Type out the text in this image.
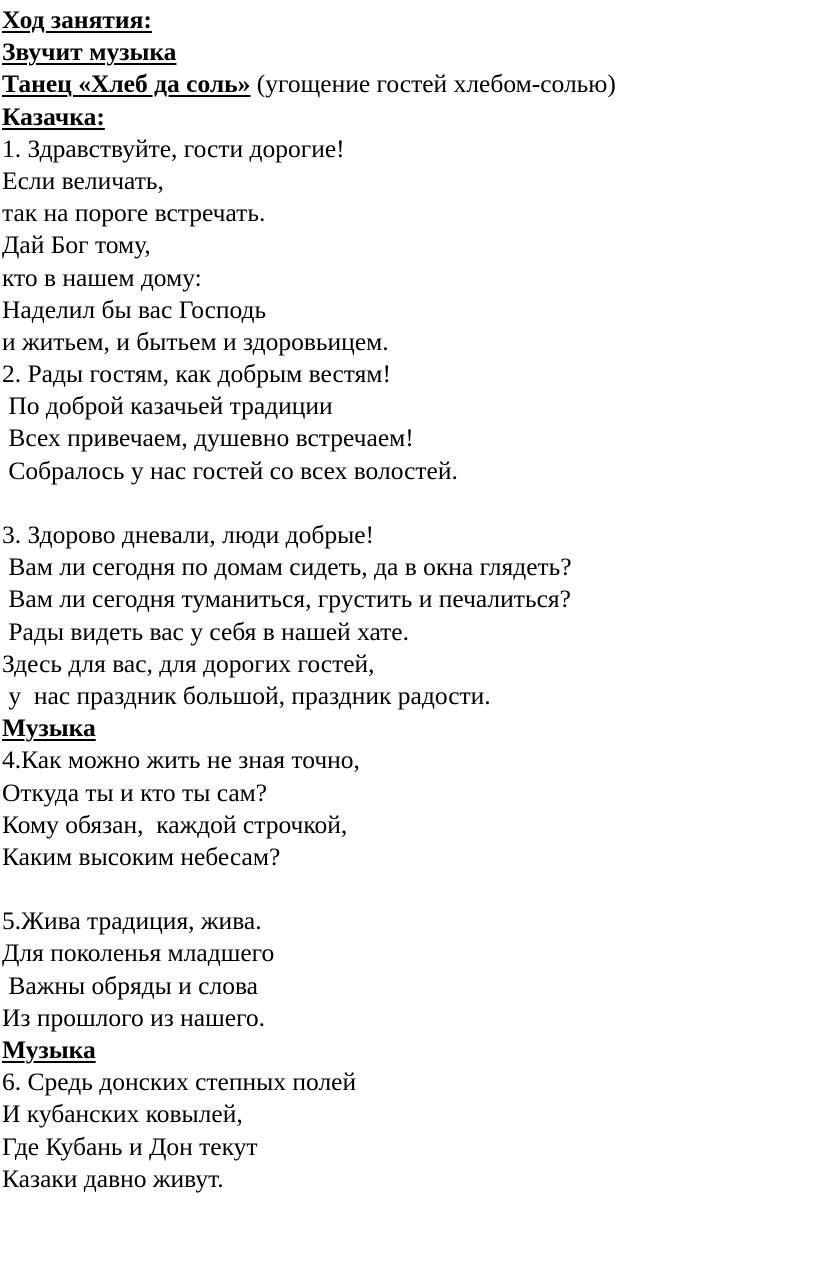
Ход занятия:
Звучит музыка
Танец «Хлеб да соль» (угощение гостей хлебом-солью)
Казачка:
1. Здравствуйте, гости дорогие!
Если величать,
так на пороге встречать.
Дай Бог тому,
кто в нашем дому:
Наделил бы вас Господь
и житьем, и бытьем и здоровьицем.
2. Рады гостям, как добрым вестям!
По доброй казачьей традиции
Всех привечаем, душевно встречаем!
Собралось у нас гостей со всех волостей.
3. Здорово дневали, люди добрые!
Вам ли сегодня по домам сидеть, да в окна глядеть?
Вам ли сегодня туманиться, грустить и печалиться?
Рады видеть вас у себя в нашей хате.
Здесь для вас, для дорогих гостей,
у  нас праздник большой, праздник радости.
Музыка
4.Как можно жить не зная точно,
Откуда ты и кто ты сам?
Кому обязан,  каждой строчкой,
Каким высоким небесам?
5.Жива традиция, жива.
Для поколенья младшего
Важны обряды и слова
Из прошлого из нашего.
Музыка
6. Средь донских степных полей
И кубанских ковылей,
Где Кубань и Дон текут
Казаки давно живут.
